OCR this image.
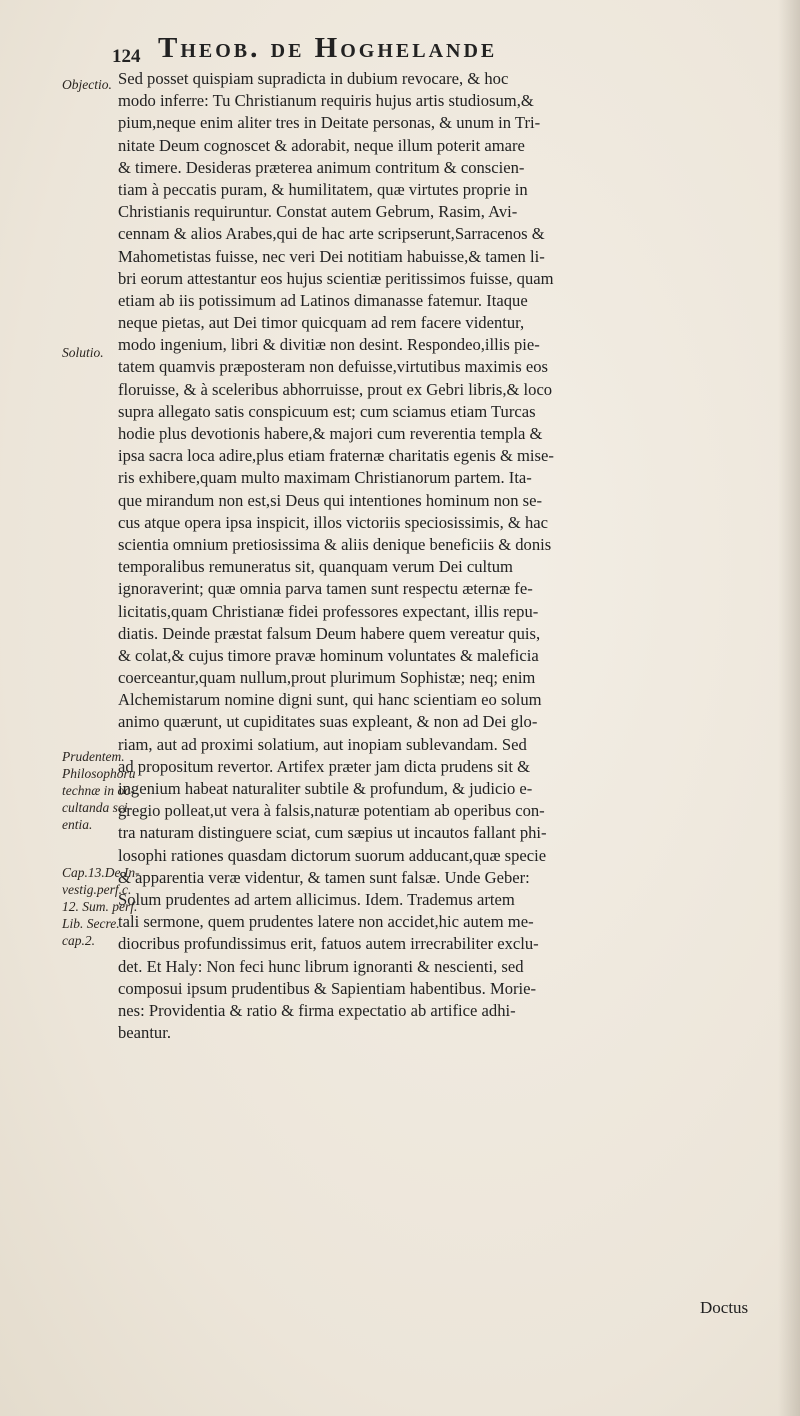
124 Theob. de Hoghelande
Objectio.
Solutio.
Prudentem.
Philosophoru
technæ in oc-
cultanda sci-
entia.
Cap.13.De In-
vestig.perf.c.
12. Sum. perf.
Lib. Secre.
cap.2.
Sed posset quispiam supradicta in dubium revocare, & hoc
modo inferre: Tu Christianum requiris hujus artis studiosum,&
pium,neque enim aliter tres in Deitate personas, & unum in Tri-
nitate Deum cognoscet & adorabit, neque illum poterit amare
& timere. Desideras præterea animum contritum & conscien-
tiam à peccatis puram, & humilitatem, quæ virtutes proprie in
Christianis requiruntur. Constat autem Gebrum, Rasim, Avi-
cennam & alios Arabes,qui de hac arte scripserunt,Sarracenos &
Mahometistas fuisse, nec veri Dei notitiam habuisse,& tamen li-
bri eorum attestantur eos hujus scientiæ peritissimos fuisse, quam
etiam ab iis potissimum ad Latinos dimanasse fatemur. Itaque
neque pietas, aut Dei timor quicquam ad rem facere videntur,
modo ingenium, libri & divitiæ non desint. Respondeo,illis pie-
tatem quamvis præposteram non defuisse,virtutibus maximis eos
floruisse, & à sceleribus abhorruisse, prout ex Gebri libris,& loco
supra allegato satis conspicuum est; cum sciamus etiam Turcas
hodie plus devotionis habere,& majori cum reverentia templa &
ipsa sacra loca adire,plus etiam fraternæ charitatis egenis & mise-
ris exhibere,quam multo maximam Christianorum partem. Ita-
que mirandum non est,si Deus qui intentiones hominum non se-
cus atque opera ipsa inspicit, illos victoriis speciosissimis, & hac
scientia omnium pretiosissima & aliis denique beneficiis & donis
temporalibus remuneratus sit, quanquam verum Dei cultum
ignoraverint; quæ omnia parva tamen sunt respectu æternæ fe-
licitatis,quam Christianæ fidei professores expectant, illis repu-
diatis. Deinde præstat falsum Deum habere quem vereatur quis,
& colat,& cujus timore pravæ hominum voluntates & maleficia
coerceantur,quam nullum,prout plurimum Sophistæ; neq; enim
Alchemistarum nomine digni sunt, qui hanc scientiam eo solum
animo quærunt, ut cupiditates suas expleant, & non ad Dei glo-
riam, aut ad proximi solatium, aut inopiam sublevandam. Sed
ad propositum revertor. Artifex præter jam dicta prudens sit &
ingenium habeat naturaliter subtile & profundum, & judicio e-
gregio polleat,ut vera à falsis,naturæ potentiam ab operibus con-
tra naturam distinguere sciat, cum sæpius ut incautos fallant phi-
losophi rationes quasdam dictorum suorum adducant,quæ specie
& apparentia veræ videntur, & tamen sunt falsæ. Unde Geber:
Solum prudentes ad artem allicimus. Idem. Trademus artem
tali sermone, quem prudentes latere non accidet,hic autem me-
diocribus profundissimus erit, fatuos autem irrecrabiliter exclu-
det. Et Haly: Non feci hunc librum ignoranti & nescienti, sed
composui ipsum prudentibus & Sapientiam habentibus. Morie-
nes: Providentia & ratio & firma expectatio ab artifice adhi-
beantur.
Doctus
